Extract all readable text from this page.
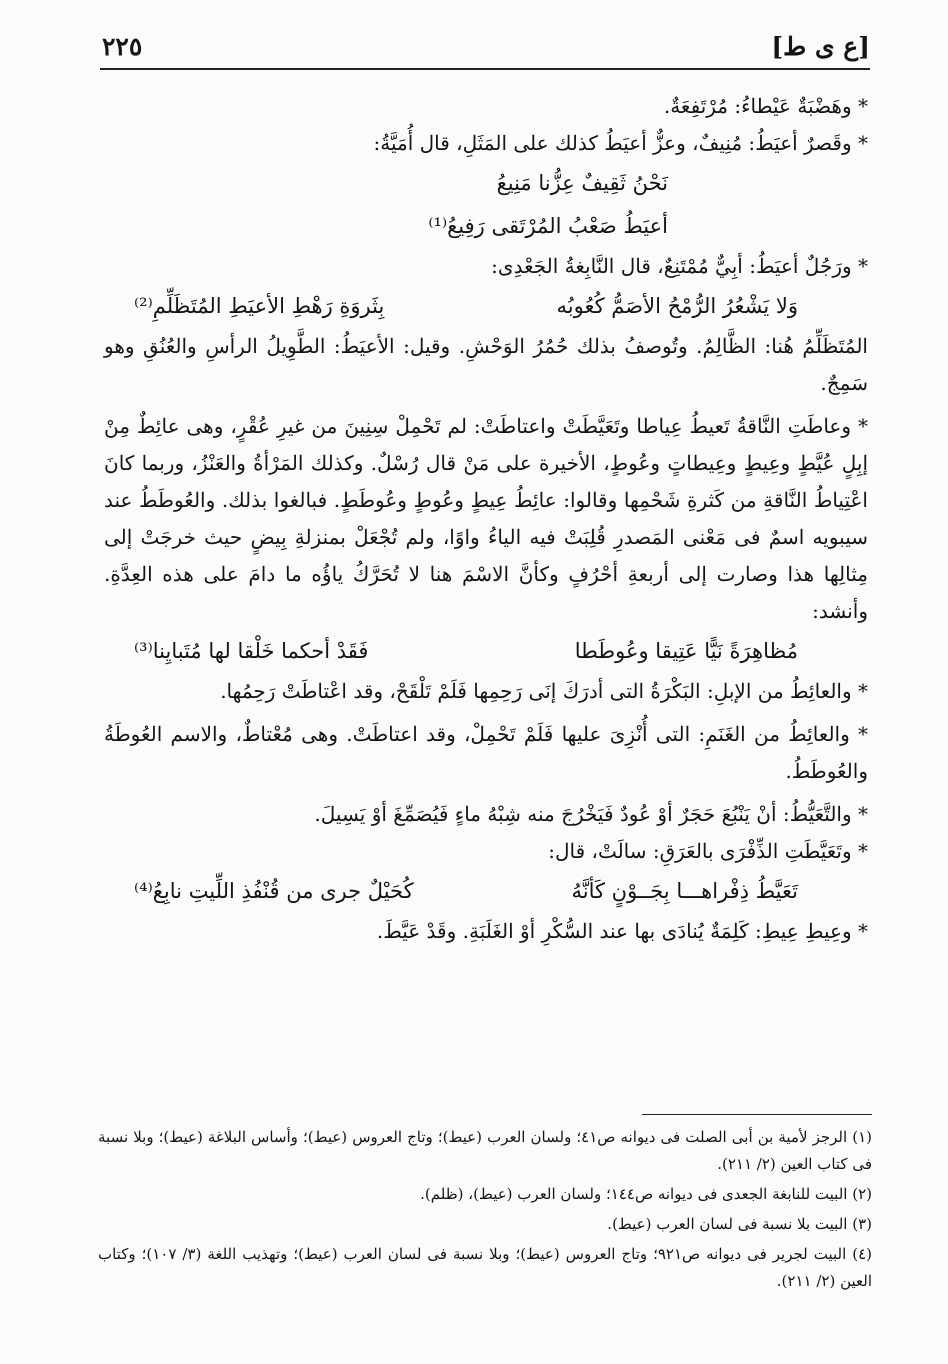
[ع ى ط]
٢٢٥

* وهَضْبَةٌ عَيْطاءُ: مُرْتَفِعَةٌ.

* وقَصرٌ أعيَطُ: مُنِيفٌ، وعزٌّ أعيَطُ كذلك على المَثَلِ، قال أُمَيَّةُ:

نَحْنُ ثَقِيفٌ عِزُّنا مَنِيعُ
أعيَطُ صَعْبُ المُرْتَقى رَفِيعُ⁽¹⁾

* ورَجُلٌ أعيَطُ: أبِيٌّ مُمْتَنِعٌ، قال النَّابِغةُ الجَعْدِى:

وَلا يَشْعُرُ الرُّمْحُ الأصَمُّ كُعُوبُه
بِثَروَةِ رَهْطِ الأعيَطِ المُتَظَلِّمِ⁽²⁾

المُتَظَلِّمُ هُنا: الظَّالِمُ. وتُوصفُ بذلك حُمُرُ الوَحْشِ. وقيل: الأعيَطُ: الطَّوِيلُ الرأسِ والعُنُقِ وهو سَمِجٌ.

* وعاطَتِ النَّاقةُ تَعيطُ عِياطا وتَعَيَّطَتْ واعتاطَتْ: لم تَحْمِلْ سِنِينَ من غيرِ عُقْرٍ، وهى عائِطٌ مِنْ إبِلٍ عُيَّطٍ وعِيطٍ وعِيطاتٍ وعُوطٍ، الأخيرة على مَنْ قال رُسْلٌ. وكذلك المَرْأةُ والعَنْزُ، وربما كانَ اعْتِياطُ النَّاقةِ من كَثرةِ شَحْمِها وقالوا: عائِطُ عِيطٍ وعُوطٍ وعُوطَطٍ. فبالغوا بذلك. والعُوطَطُ عند سيبويه اسمٌ فى مَعْنى المَصدرِ قُلِبَتْ فيه الياءُ واوًا، ولم تُجْعَلْ بمنزلةِ بِيضٍ حيث خرجَتْ إلى مِثالِها هذا وصارت إلى أربعةِ أحْرُفٍ وكأنَّ الاسْمَ هنا لا تُحَرَّكُ ياؤُه ما دامَ على هذه العِدَّةِ. وأنشد:

مُظاهِرَةً نَيًّا عَتِيقا وعُوطَطا
فَقَدْ أحكما خَلْقا لها مُتَبايِنا⁽³⁾

* والعائِطُ من الإبلِ: البَكْرَةُ التى أدرَكَ إنَى رَحِمِها فَلَمْ تَلْقَحْ، وقد اعْتاطَتْ رَحِمُها.

* والعائِطُ من الغَنَمِ: التى أُنْزِىَ عليها فَلَمْ تَحْمِلْ، وقد اعتاطَتْ. وهى مُعْتاطٌ، والاسم العُوطَةُ والعُوطَطُ.

* والتَّعَيُّطُ: أنْ يَنْبُعَ حَجَرٌ أوْ عُودٌ فَيَخْرُجَ منه شِبْهُ ماءٍ فَيُصَمِّغَ أوْ يَسِيلَ.

* وتَعَيَّطَتِ الذِّفْرَى بالعَرَقِ: سالَتْ، قال:

تَعَيَّطُ ذِفْراهـــا بِجَــوْنٍ كَأنَّهُ
كُحَيْلٌ جرى من قُنْفُذِ اللِّيتِ نابِعُ⁽⁴⁾

* وعِيطِ عِيطِ: كَلِمَةٌ يُنادَى بها عند السُّكْرِ أوْ الغَلَبَةِ. وقَدْ عَيَّطَ.

(١) الرجز لأمية بن أبى الصلت فى ديوانه ص٤١؛ ولسان العرب (عيط)؛ وتاج العروس (عيط)؛ وأساس البلاغة (عيط)؛ وبلا نسبة فى كتاب العين (٢/ ٢١١).

(٢) البيت للنابغة الجعدى فى ديوانه ص١٤٤؛ ولسان العرب (عيط)، (ظلم).

(٣) البيت بلا نسبة فى لسان العرب (عيط).

(٤) البيت لجرير فى ديوانه ص٩٢١؛ وتاج العروس (عيط)؛ وبلا نسبة فى لسان العرب (عيط)؛ وتهذيب اللغة (٣/ ١٠٧)؛ وكتاب العين (٢/ ٢١١).
